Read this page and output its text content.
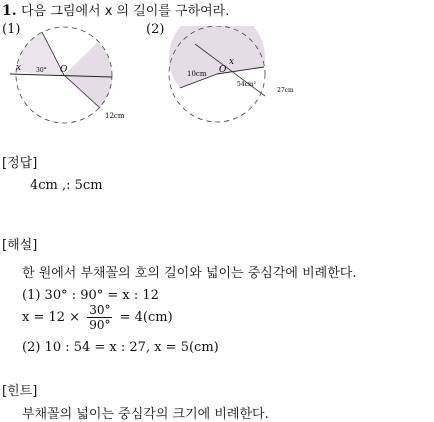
1. 다음 그림에서 x 의 길이를 구하여라.
(1)	(2)
x 30° O
12cm
10cm O
x
54cm²
27cm
[정답]
4cm ,: 5cm
[해설]
한 원에서 부채꼴의 호의 길이와 넓이는 중심각에 비례한다.
(1) 30° : 90° = x : 12
$x = 12 \times \frac{30^\circ}{90^\circ} = 4(cm)$
(2) 10 : 54 = x : 27, x = 5(cm)
[힌트]
부채꼴의 넓이는 중심각의 크기에 비례한다.
